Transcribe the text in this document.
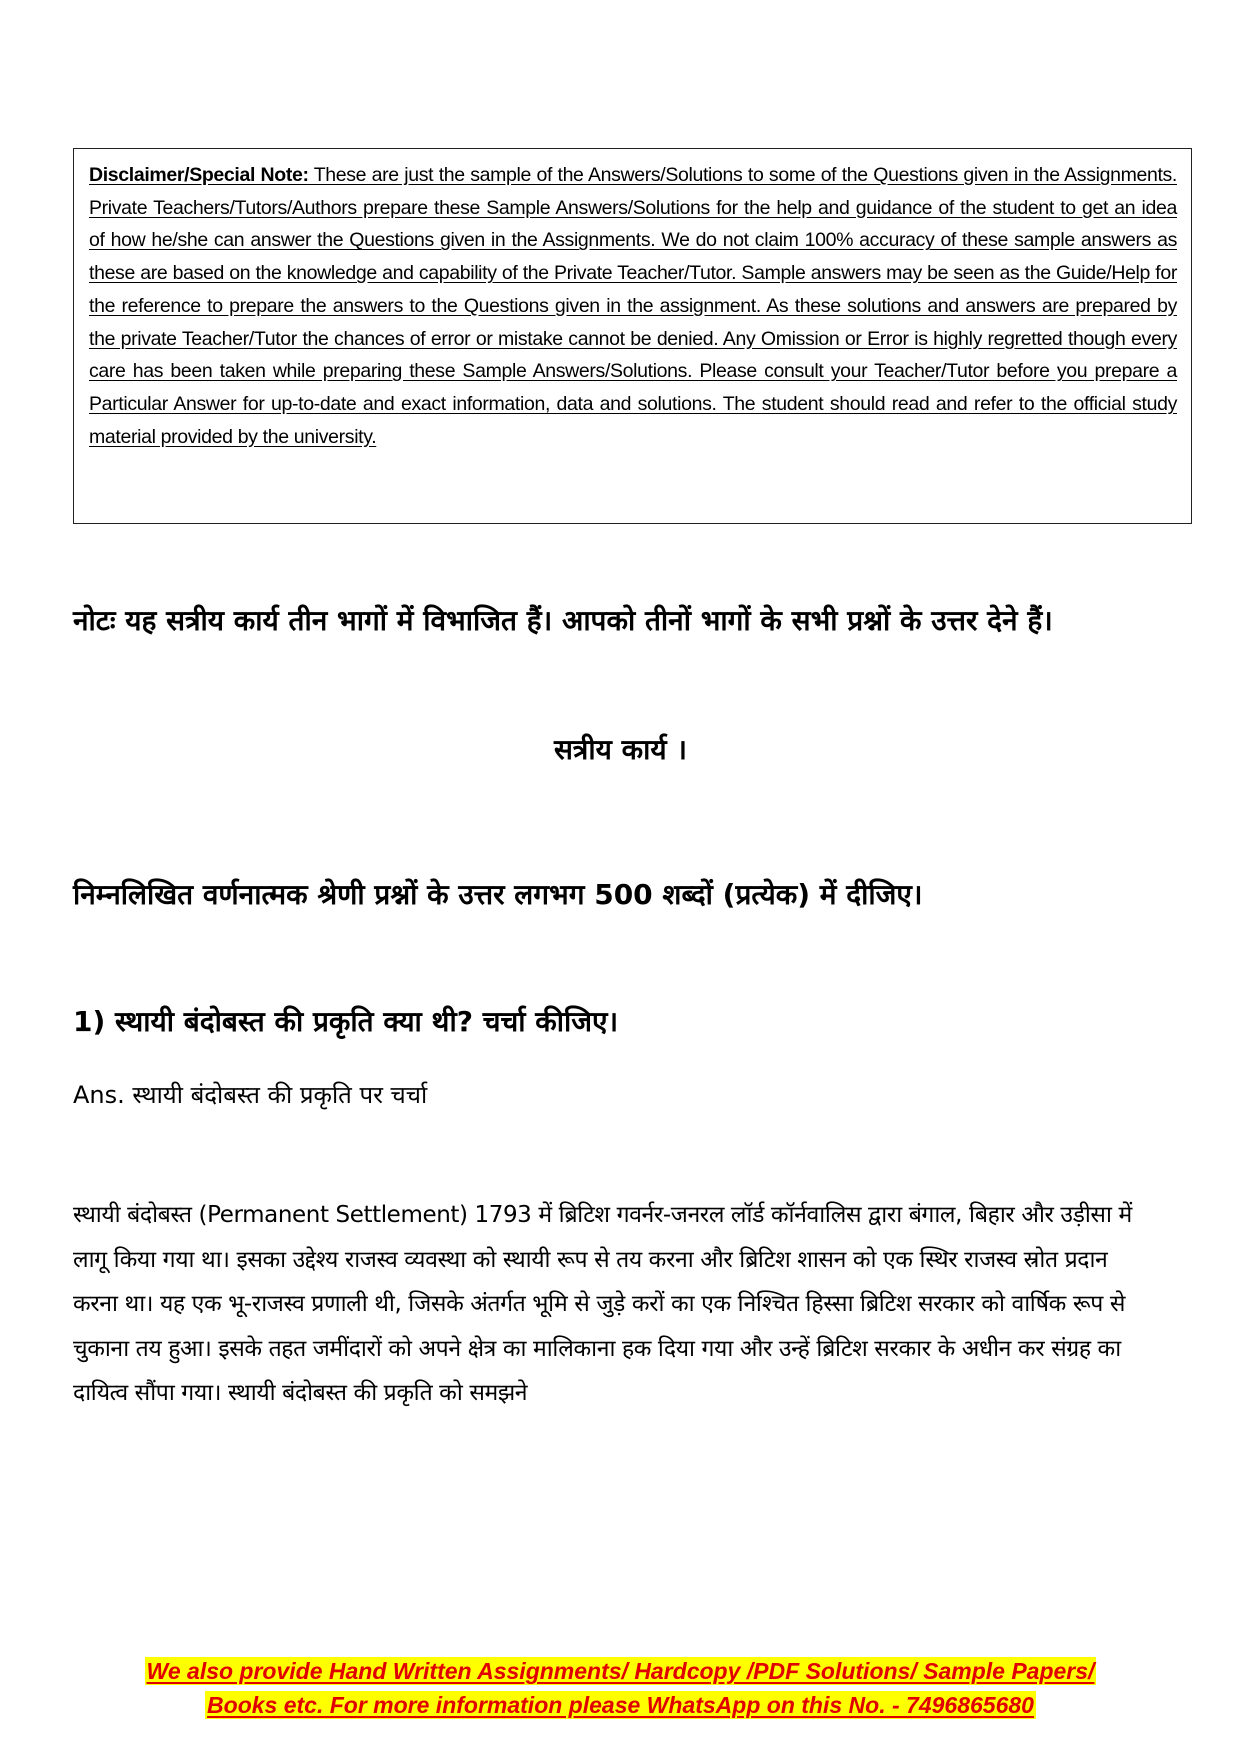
Disclaimer/Special Note: These are just the sample of the Answers/Solutions to some of the Questions given in the Assignments. Private Teachers/Tutors/Authors prepare these Sample Answers/Solutions for the help and guidance of the student to get an idea of how he/she can answer the Questions given in the Assignments. We do not claim 100% accuracy of these sample answers as these are based on the knowledge and capability of the Private Teacher/Tutor. Sample answers may be seen as the Guide/Help for the reference to prepare the answers to the Questions given in the assignment. As these solutions and answers are prepared by the private Teacher/Tutor the chances of error or mistake cannot be denied. Any Omission or Error is highly regretted though every care has been taken while preparing these Sample Answers/Solutions. Please consult your Teacher/Tutor before you prepare a Particular Answer for up-to-date and exact information, data and solutions. The student should read and refer to the official study material provided by the university.

नोटः यह सत्रीय कार्य तीन भागों में विभाजित हैं। आपको तीनों भागों के सभी प्रश्नों के उत्तर देने हैं।
सत्रीय कार्य ।
निम्नलिखित वर्णनात्मक श्रेणी प्रश्नों के उत्तर लगभग 500 शब्दों (प्रत्येक) में दीजिए।
1) स्थायी बंदोबस्त की प्रकृति क्या थी? चर्चा कीजिए।
Ans. स्थायी बंदोबस्त की प्रकृति पर चर्चा
स्थायी बंदोबस्त (Permanent Settlement) 1793 में ब्रिटिश गवर्नर-जनरल लॉर्ड कॉर्नवालिस द्वारा बंगाल, बिहार और उड़ीसा में लागू किया गया था। इसका उद्देश्य राजस्व व्यवस्था को स्थायी रूप से तय करना और ब्रिटिश शासन को एक स्थिर राजस्व स्रोत प्रदान करना था। यह एक भू-राजस्व प्रणाली थी, जिसके अंतर्गत भूमि से जुड़े करों का एक निश्चित हिस्सा ब्रिटिश सरकार को वार्षिक रूप से चुकाना तय हुआ। इसके तहत जमींदारों को अपने क्षेत्र का मालिकाना हक दिया गया और उन्हें ब्रिटिश सरकार के अधीन कर संग्रह का दायित्व सौंपा गया। स्थायी बंदोबस्त की प्रकृति को समझने
We also provide Hand Written Assignments/ Hardcopy /PDF Solutions/ Sample Papers/
Books etc. For more information please WhatsApp on this No. - 7496865680
